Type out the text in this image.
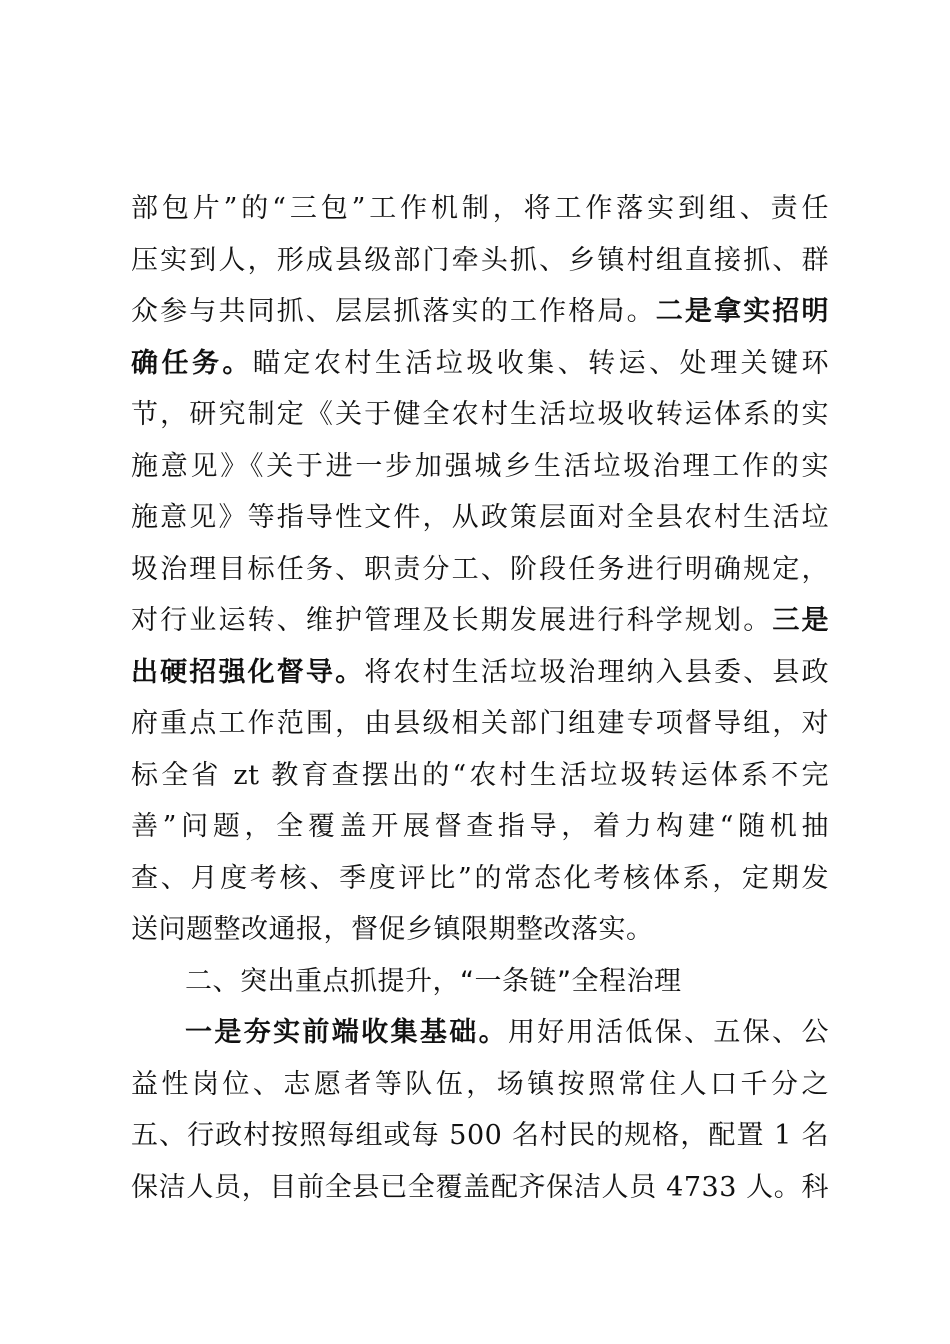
部包片”的“三包”工作机制，将工作落实到组、责任
压实到人，形成县级部门牵头抓、乡镇村组直接抓、群
众参与共同抓、层层抓落实的工作格局。二是拿实招明
确任务。瞄定农村生活垃圾收集、转运、处理关键环
节，研究制定《关于健全农村生活垃圾收转运体系的实
施意见》《关于进一步加强城乡生活垃圾治理工作的实
施意见》等指导性文件，从政策层面对全县农村生活垃
圾治理目标任务、职责分工、阶段任务进行明确规定，
对行业运转、维护管理及长期发展进行科学规划。三是
出硬招强化督导。将农村生活垃圾治理纳入县委、县政
府重点工作范围，由县级相关部门组建专项督导组，对
标全省 zt 教育查摆出的“农村生活垃圾转运体系不完
善”问题，全覆盖开展督查指导，着力构建“随机抽
查、月度考核、季度评比”的常态化考核体系，定期发
送问题整改通报，督促乡镇限期整改落实。
二、突出重点抓提升，“一条链”全程治理
一是夯实前端收集基础。用好用活低保、五保、公
益性岗位、志愿者等队伍，场镇按照常住人口千分之
五、行政村按照每组或每 500 名村民的规格，配置 1 名
保洁人员，目前全县已全覆盖配齐保洁人员 4733 人。科
